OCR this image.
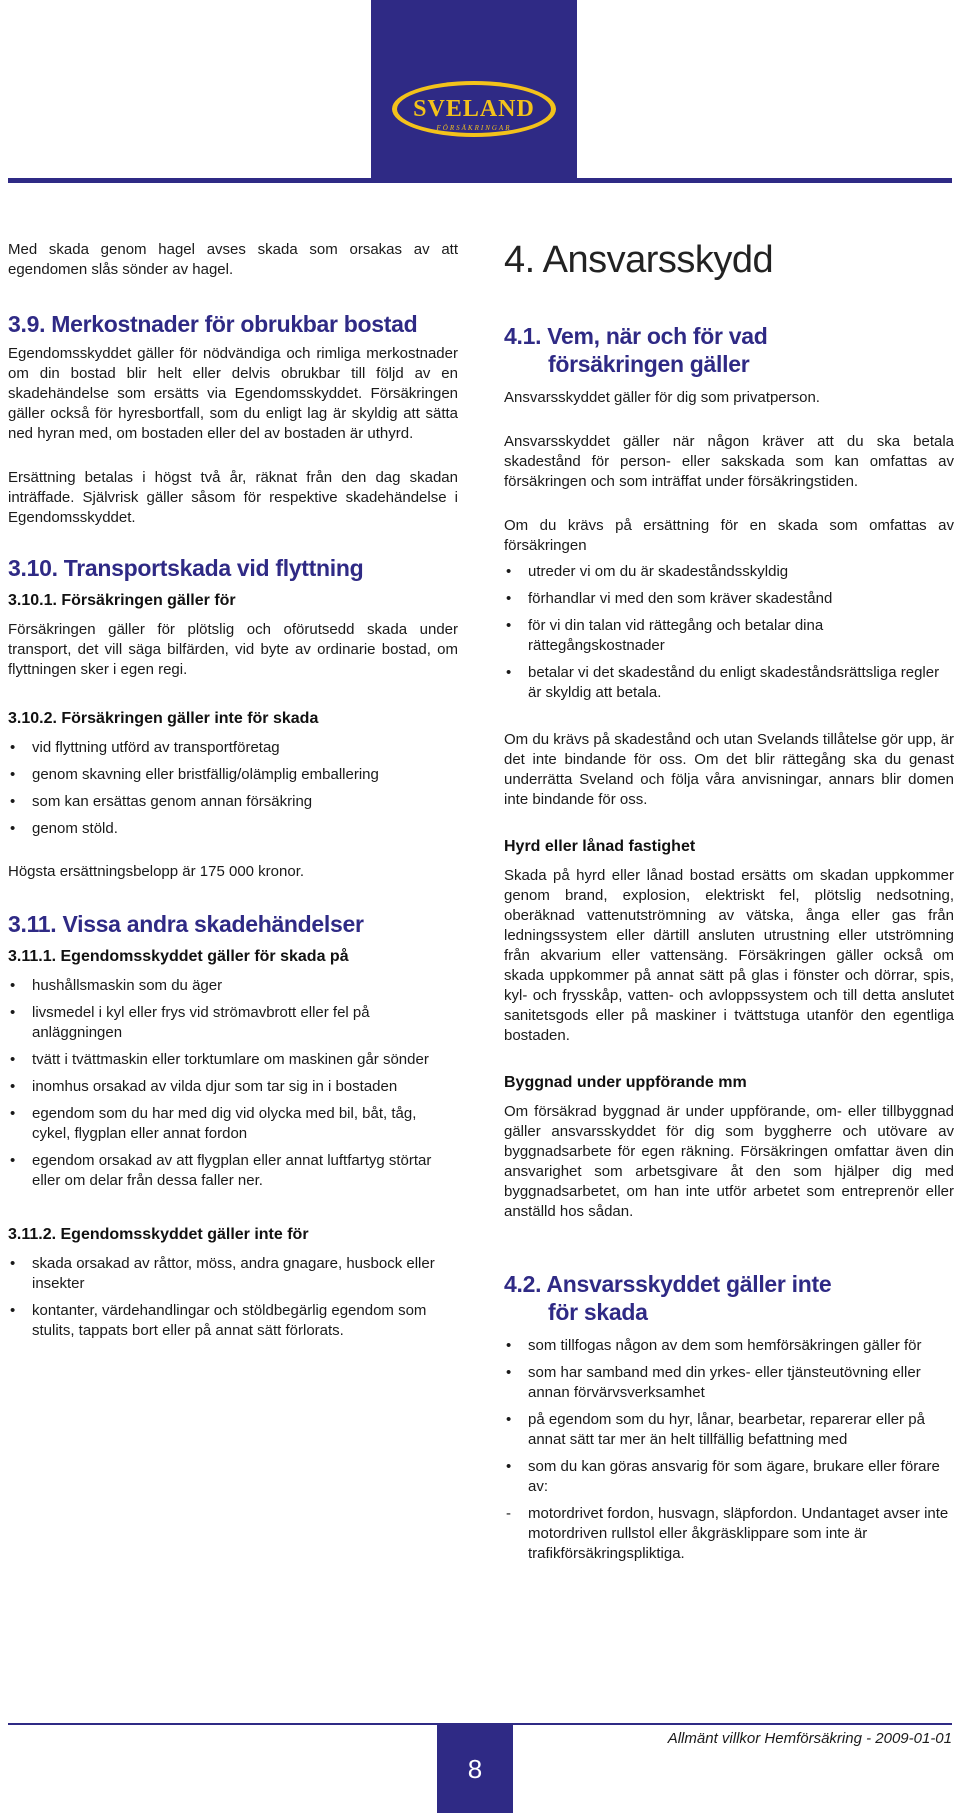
SVELAND
FÖRSÄKRINGAR

Med skada genom hagel avses skada som orsakas av att egendomen slås sönder av hagel.

3.9. Merkostnader för obrukbar bostad

Egendomsskyddet gäller för nödvändiga och rimliga merkostnader om din bostad blir helt eller delvis obrukbar till följd av en skadehändelse som ersätts via Egendomsskyddet. Försäkringen gäller också för hyresbortfall, som du enligt lag är skyldig att sätta ned hyran med, om bostaden eller del av bostaden är uthyrd.

Ersättning betalas i högst två år, räknat från den dag skadan inträffade. Självrisk gäller såsom för respektive skadehändelse i Egendomsskyddet.

3.10. Transportskada vid flyttning
3.10.1. Försäkringen gäller för

Försäkringen gäller för plötslig och oförutsedd skada under transport, det vill säga bilfärden, vid byte av ordinarie bostad, om flyttningen sker i egen regi.

3.10.2. Försäkringen gäller inte för skada
• vid flyttning utförd av transportföretag
• genom skavning eller bristfällig/olämplig emballering
• som kan ersättas genom annan försäkring
• genom stöld.

Högsta ersättningsbelopp är 175 000 kronor.

3.11. Vissa andra skadehändelser
3.11.1. Egendomsskyddet gäller för skada på
• hushållsmaskin som du äger
• livsmedel i kyl eller frys vid strömavbrott eller fel på anläggningen
• tvätt i tvättmaskin eller torktumlare om maskinen går sönder
• inomhus orsakad av vilda djur som tar sig in i bostaden
• egendom som du har med dig vid olycka med bil, båt, tåg, cykel, flygplan eller annat fordon
• egendom orsakad av att flygplan eller annat luftfartyg störtar eller om delar från dessa faller ner.
3.11.2. Egendomsskyddet gäller inte för
• skada orsakad av råttor, möss, andra gnagare, husbock eller insekter
• kontanter, värdehandlingar och stöldbegärlig egendom som stulits, tappats bort eller på annat sätt förlorats.
4. Ansvarsskydd
4.1. Vem, när och för vad
försäkringen gäller

Ansvarsskyddet gäller för dig som privatperson.

Ansvarsskyddet gäller när någon kräver att du ska betala skadestånd för person- eller sakskada som kan omfattas av försäkringen och som inträffat under försäkringstiden.

Om du krävs på ersättning för en skada som omfattas av försäkringen

• utreder vi om du är skadeståndsskyldig
• förhandlar vi med den som kräver skadestånd
• för vi din talan vid rättegång och betalar dina rättegångskostnader
• betalar vi det skadestånd du enligt skadeståndsrättsliga regler är skyldig att betala.

Om du krävs på skadestånd och utan Svelands tillåtelse gör upp, är det inte bindande för oss. Om det blir rättegång ska du genast underrätta Sveland och följa våra anvisningar, annars blir domen inte bindande för oss.

Hyrd eller lånad fastighet

Skada på hyrd eller lånad bostad ersätts om skadan uppkommer genom brand, explosion, elektriskt fel, plötslig nedsotning, oberäknad vattenutströmning av vätska, ånga eller gas från ledningssystem eller därtill ansluten utrustning eller utströmning från akvarium eller vattensäng. Försäkringen gäller också om skada uppkommer på annat sätt på glas i fönster och dörrar, spis, kyl- och frysskåp, vatten- och avloppssystem och till detta anslutet sanitetsgods eller på maskiner i tvättstuga utanför den egentliga bostaden.

Byggnad under uppförande mm

Om försäkrad byggnad är under uppförande, om- eller tillbyggnad gäller ansvarsskyddet för dig som byggherre och utövare av byggnadsarbete för egen räkning. Försäkringen omfattar även din ansvarighet som arbetsgivare åt den som hjälper dig med byggnadsarbetet, om han inte utför arbetet som entreprenör eller anställd hos sådan.

4.2. Ansvarsskyddet gäller inte
för skada
• som tillfogas någon av dem som hemförsäkringen gäller för
• som har samband med din yrkes- eller tjänsteutövning eller annan förvärvsverksamhet
• på egendom som du hyr, lånar, bearbetar, reparerar eller på annat sätt tar mer än helt tillfällig befattning med
• som du kan göras ansvarig för som ägare, brukare eller förare av:
- motordrivet fordon, husvagn, släpfordon. Undantaget avser inte motordriven rullstol eller åkgräsklippare som inte är trafikförsäkringspliktiga.
8
Allmänt villkor Hemförsäkring - 2009-01-01
